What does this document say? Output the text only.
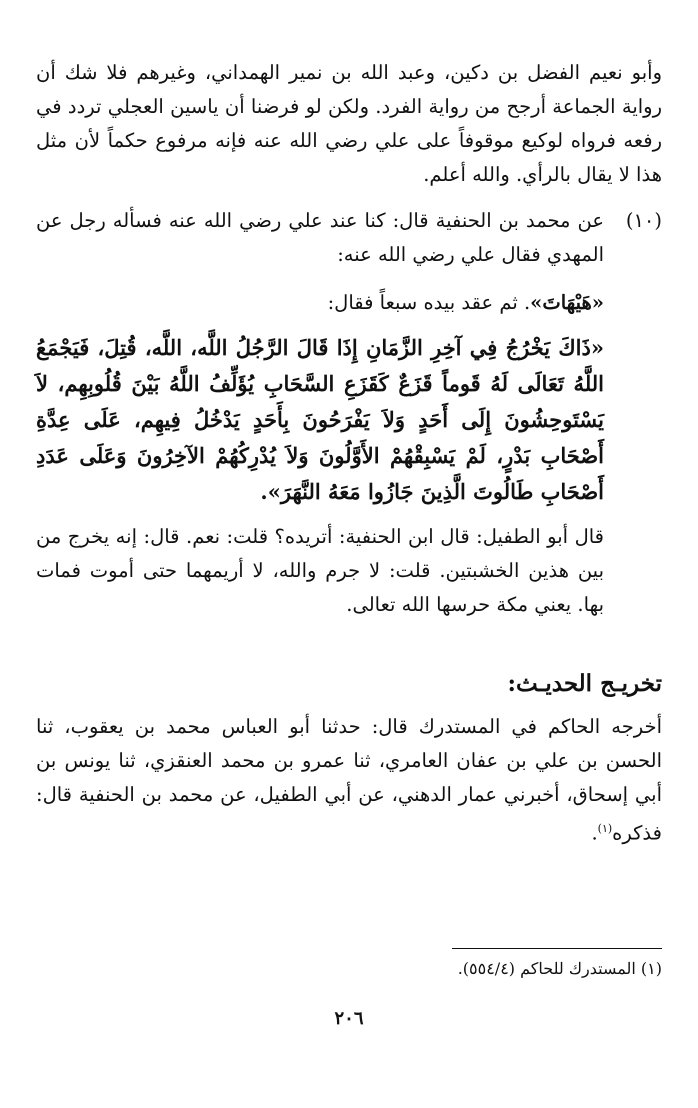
وأبو نعيم الفضل بن دكين، وعبد الله بن نمير الهمداني، وغيرهم فلا شك أن رواية الجماعة أرجح من رواية الفرد. ولكن لو فرضنا أن ياسين العجلي تردد في رفعه فرواه لوكيع موقوفاً على علي رضي الله عنه فإنه مرفوع حكماً لأن مثل هذا لا يقال بالرأي. والله أعلم.

(١٠)

عن محمد بن الحنفية قال: كنا عند علي رضي الله عنه فسأله رجل عن المهدي فقال علي رضي الله عنه:

«هَيْهَاتَ». ثم عقد بيده سبعاً فقال:

«ذَاكَ يَخْرُجُ فِي آخِرِ الزَّمَانِ إِذَا قَالَ الرَّجُلُ اللَّه، اللَّه، قُتِلَ، فَيَجْمَعُ اللَّهُ تَعَالَى لَهُ قَوماً قَزَعٌ كَقَزَعِ السَّحَابِ يُؤَلِّفُ اللَّهُ بَيْنَ قُلُوبِهِم، لاَ يَسْتَوحِشُونَ إِلَى أَحَدٍ وَلاَ يَفْرَحُونَ بِأَحَدٍ يَدْخُلُ فِيهِم، عَلَى عِدَّةِ أَصْحَابِ بَدْرٍ، لَمْ يَسْبِقْهُمْ الأَوَّلُونَ وَلاَ يُدْرِكُهُمْ الآخِرُونَ وَعَلَى عَدَدِ أَصْحَابِ طَالُوتَ الَّذِينَ جَازُوا مَعَهُ النَّهَرَ».

قال أبو الطفيل: قال ابن الحنفية: أتريده؟ قلت: نعم. قال: إنه يخرج من بين هذين الخشبتين. قلت: لا جرم والله، لا أريمهما حتى أموت فمات بها. يعني مكة حرسها الله تعالى.

تخريـج الحديـث:

أخرجه الحاكم في المستدرك قال: حدثنا أبو العباس محمد بن يعقوب، ثنا الحسن بن علي بن عفان العامري، ثنا عمرو بن محمد العنقزي، ثنا يونس بن أبي إسحاق، أخبرني عمار الدهني، عن أبي الطفيل، عن محمد بن الحنفية قال: فذكره$^{(١)}$.

(١) المستدرك للحاكم (٥٥٤/٤).
٢٠٦
